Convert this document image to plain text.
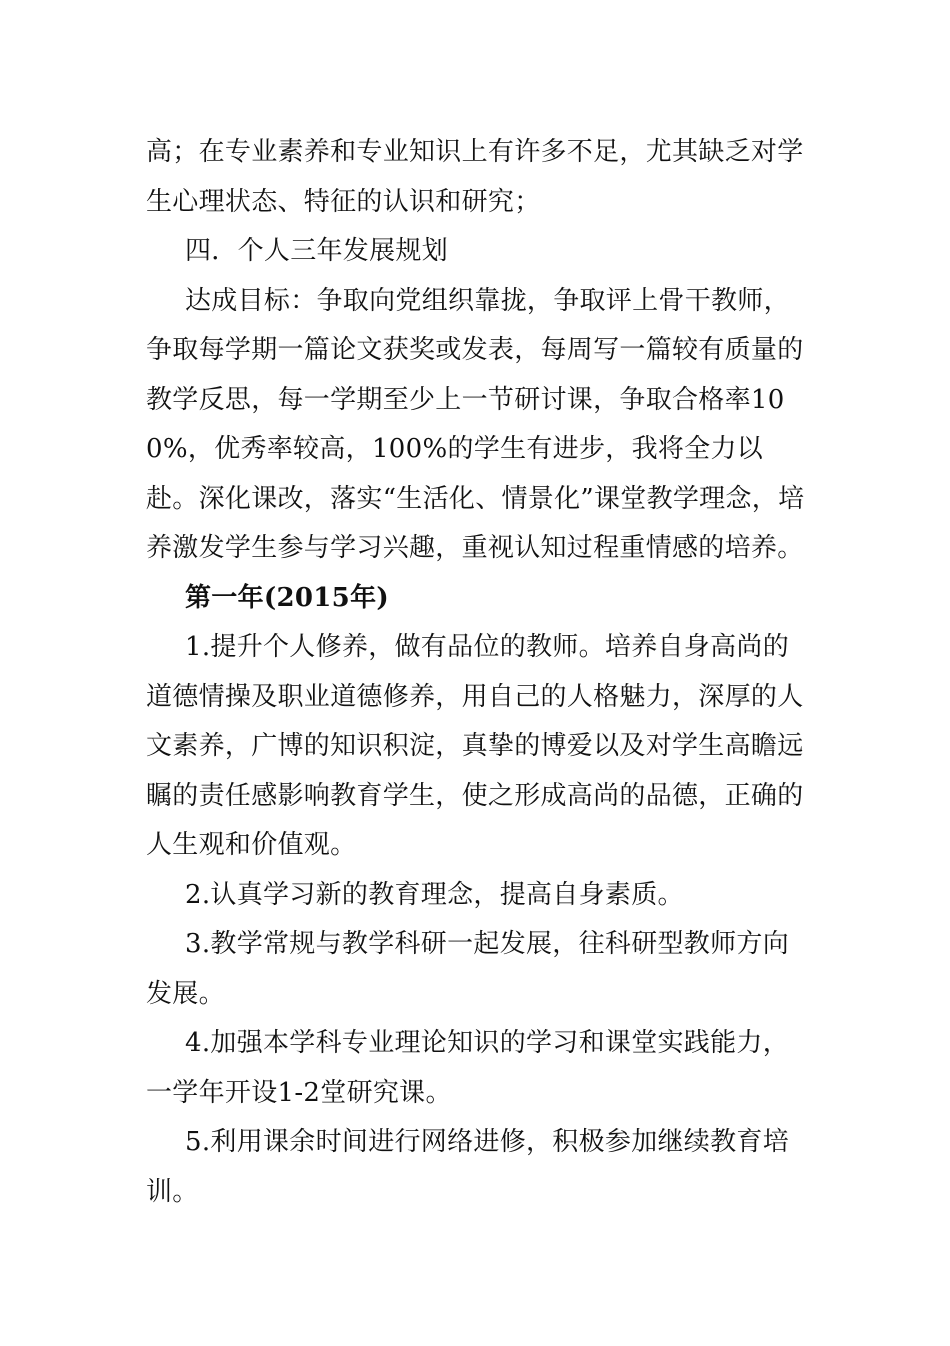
高；在专业素养和专业知识上有许多不足，尤其缺乏对学生心理状态、特征的认识和研究；

四．个人三年发展规划

达成目标：争取向党组织靠拢，争取评上骨干教师，争取每学期一篇论文获奖或发表，每周写一篇较有质量的教学反思，每一学期至少上一节研讨课，争取合格率100%，优秀率较高，100%的学生有进步，我将全力以赴。深化课改，落实“生活化、情景化”课堂教学理念，培养激发学生参与学习兴趣，重视认知过程重情感的培养。

第一年(2015年)

1.提升个人修养，做有品位的教师。培养自身高尚的道德情操及职业道德修养，用自己的人格魅力，深厚的人文素养，广博的知识积淀，真挚的博爱以及对学生高瞻远瞩的责任感影响教育学生，使之形成高尚的品德，正确的人生观和价值观。

2.认真学习新的教育理念，提高自身素质。

3.教学常规与教学科研一起发展，往科研型教师方向发展。

4.加强本学科专业理论知识的学习和课堂实践能力，一学年开设1-2堂研究课。

5.利用课余时间进行网络进修，积极参加继续教育培训。
